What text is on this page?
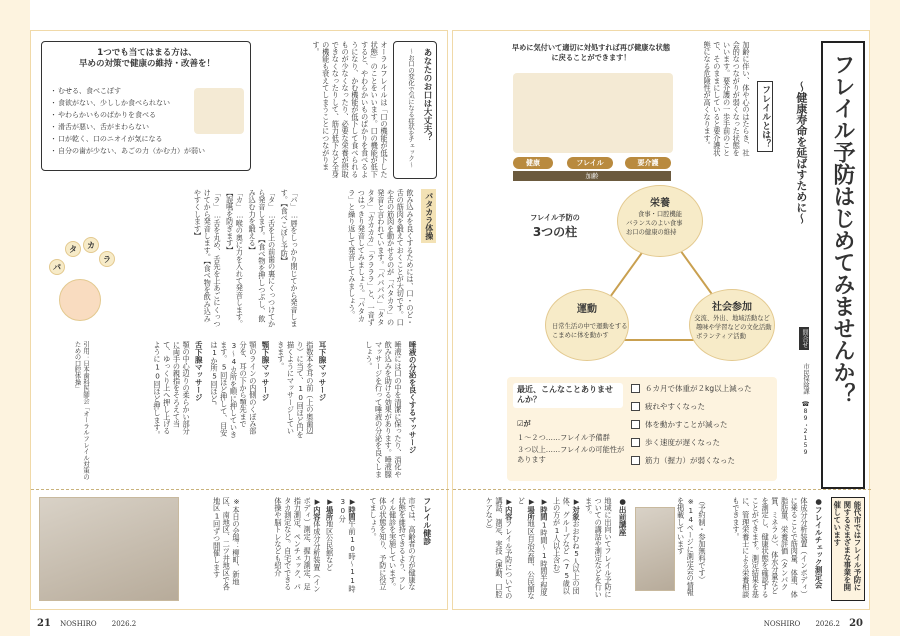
1つでも当てはまる方は、
早めの対策で健康の維持・改善を！
・ むせる、食べこぼす
・ 食欲がない、少ししか食べられない
・ やわらかいものばかりを食べる
・ 滑舌が悪い、舌がまわらない
・ 口が乾く、口のニオイが気になる
・ 自分の歯が少ない、あごの力（かむ力）が弱い
あなたのお口は大丈夫？
〜お口の変化で気になる症状をチェック〜
オーラルフレイルは「口の機能が低下した状態」のことをいいます。口の機能が低下すると、やわらかいものばかりを食べるようになり、かむ機能が低下して食べられるものが少なくなったり、必要な栄養が摂取できなくなったりして、筋力低下など全身の機能も衰えてしまうことにつながります。
パタカラ体操
飲み込みを良くするためには、口・のど・舌の筋肉を鍛えておくことが大切です。口や舌の筋肉を動かせるのが「パタカラ」の発音と言われています。「パパパパ」「タタタタ」「カカカカ」「ララララ」と、一音ずつはっきり発音してみましょう。「パタカラ」と繰り返して発音してみましょう。
「パ」…唇をしっかり閉じてから発音します。【食べこぼし予防】
「タ」…舌を上の前歯の裏にくっつけてから発音します。【食べ物を押しつぶし、飲み込む力を鍛える】
「カ」…喉の奥に力を入れて発音します。【誤嚥を防ぎます】
「ラ」…舌を丸め、舌先を上あごにくっつけてから発音します。【食べ物を飲み込みやすくします】
パ
タ	カ
ラ
唾液の分泌を良くするマッサージ
唾液には口の中を清潔に保ったり、消化や飲み込みを助ける効果があります。唾液腺マッサージを行って唾液の分泌を良くしましょう。
耳下腺マッサージ
指数本を耳の前（上の奥歯辺り）に当て、10回ほど円を描くようにマッサージしていきます。
顎下腺マッサージ
顎のラインの内側のくぼみ部分を、耳の下から顎先まで3〜4カ所を順に押していきます。5回ほど押して、目安は1か所5回ほど。
舌下腺マッサージ
顎の中心辺りの柔らかい部分に両手の親指をそろえて当て、ゆっくり上へ押し上げるように10回ほど押します。
引用：日本歯科医師会「オーラルフレイル対策のための口腔体操」
フレイル健診
市では、高齢者の方が健康な状態を維持できるよう、フレイル健診を実施しています。体の状態を知り、予防に役立てましょう。
▶時間午前10時〜11時30分
▶場所地区公民館など
▶内容体成分分析装置（インボディ）測定、握力測定、足指力測定、ペンチェック、パタカ測定など。自宅でできる体操や脳トレなども紹介
※本日の会場：柳町、新地区、南地区、二ツ井地区で各地区1回ずつ開催します
21 NOSHIRO 2026.2
フレイル予防はじめてみませんか？
〜健康寿命を延ばすために〜
問合せ
市民保険課　☎89・2159
フレイルとは？
加齢に伴い、体や心のはたらき、社会的なつながりが弱くなった状態をいいます。要介護の一歩手前のことで、そのままにしていると要介護状態になる危険性が高くなります。
早めに気付いて適切に対処すれば再び健康な状態に戻ることができます！
健康	フレイル	要介護
加齢
フレイル予防の
3つの柱
栄養
食事・口腔機能
バランスのよい食事
お口の健康の維持
運動
日常生活の中で運動をする
こまめに体を動かす
社会参加
交流、外出、地域活動など
趣味や学習などの文化活動
ボランティア活動
最近、こんなことありませんか？
☑が
１〜２つ……フレイル予備群
３つ以上……フレイルの可能性があります
６カ月で体重が２kg以上減った
疲れやすくなった
体を動かすことが減った
歩く速度が遅くなった
筋力（握力）が弱くなった
能代市ではフレイル予防に関するさまざまな事業を開催しています
●フレイルチェック測定会
体成分分析装置（インボディ）に乗ることで筋肉量、体重、体脂肪量、栄養評価（タンパク質、ミネラル）、体水分量などを測定し、健康状態を確認することができます。測定結果を基に、管理栄養士による栄養相談もできます。
（予約制・参加無料です）
※14ページに測定会の情報を掲載しています
●出前講座
地域に出向いてフレイル予防についての講話や測定などを行います。
▶対象おおむね5人以上の団体、グループなど（75歳以上の方が1人以上含む）
▶時間1時間〜1時間半程度
▶場所地区自治会館、公民館など
▶内容フレイル予防についての講話、測定、実技（運動、口腔ケアなど）
NOSHIRO 2026.2 20
